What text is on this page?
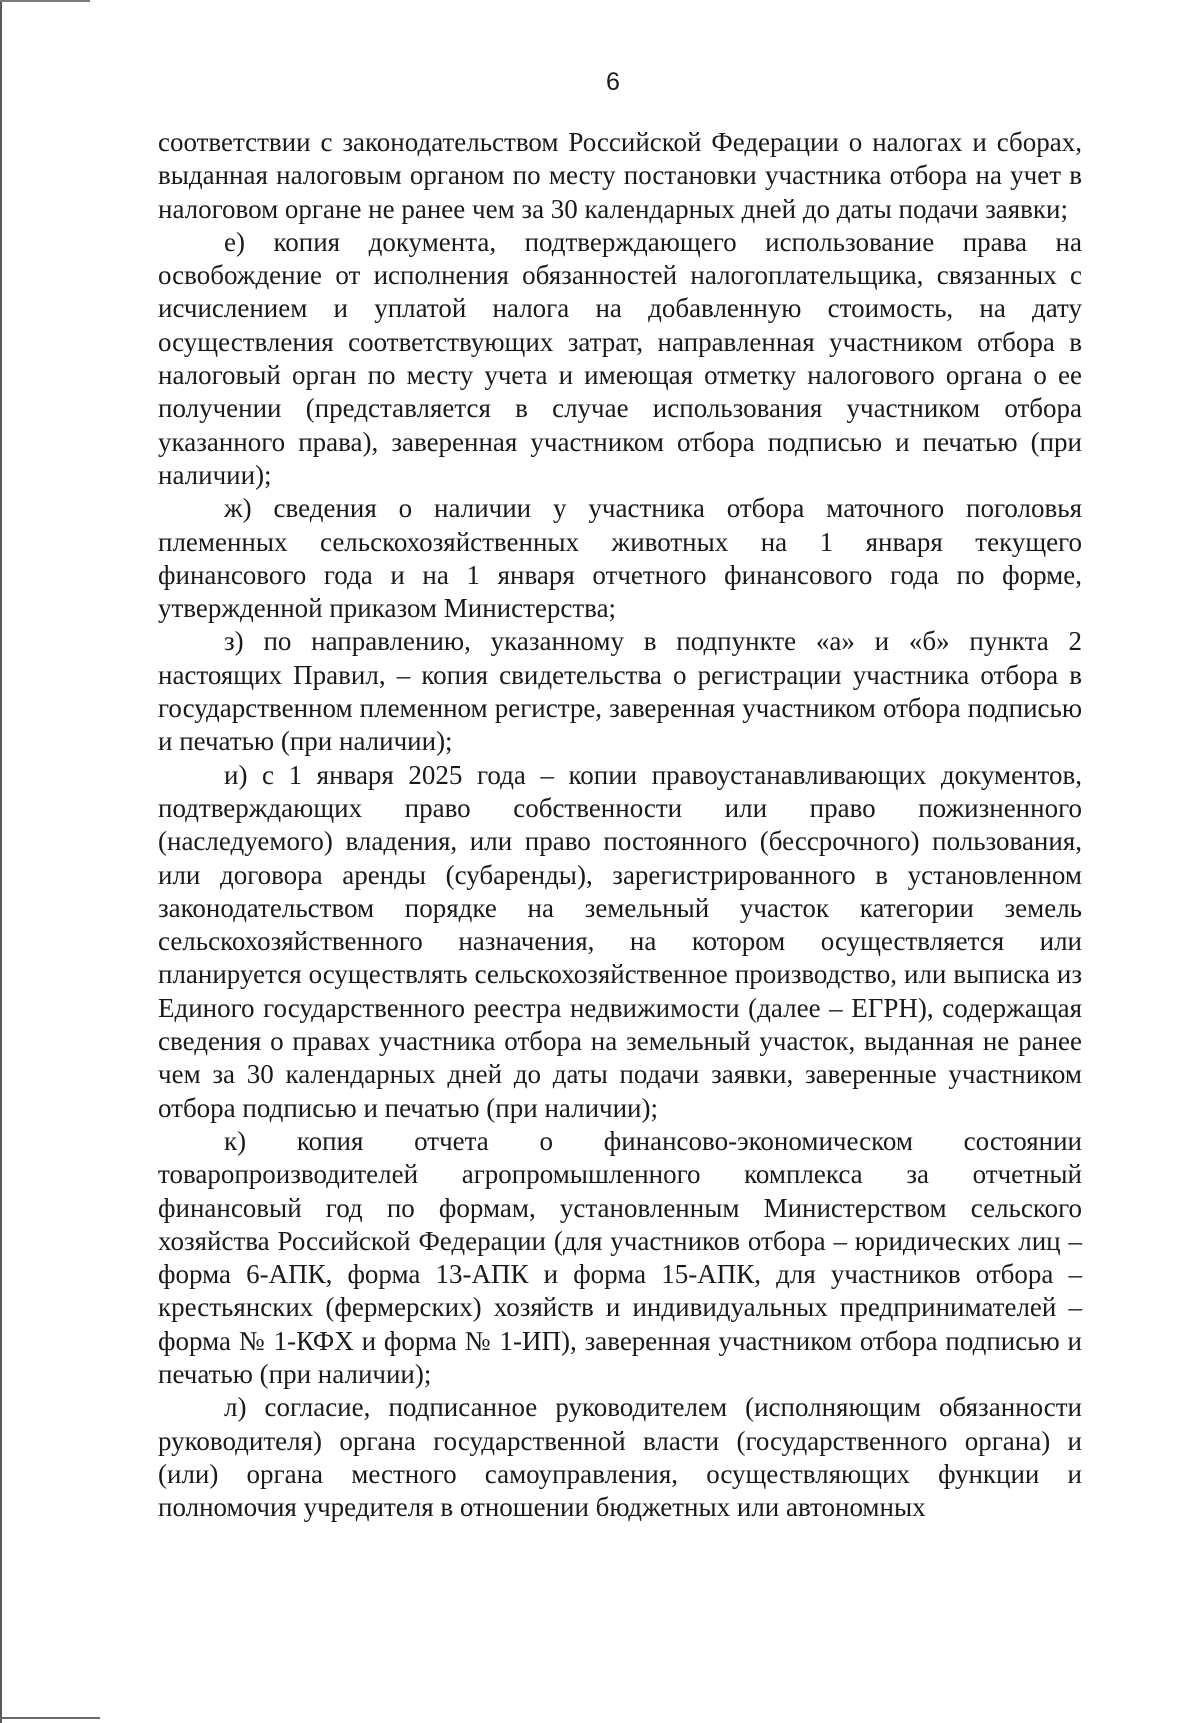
6

соответствии с законодательством Российской Федерации о налогах и сборах, выданная налоговым органом по месту постановки участника отбора на учет в налоговом органе не ранее чем за 30 календарных дней до даты подачи заявки;

е) копия документа, подтверждающего использование права на освобождение от исполнения обязанностей налогоплательщика, связанных с исчислением и уплатой налога на добавленную стоимость, на дату осуществления соответствующих затрат, направленная участником отбора в налоговый орган по месту учета и имеющая отметку налогового органа о ее получении (представляется в случае использования участником отбора указанного права), заверенная участником отбора подписью и печатью (при наличии);

ж) сведения о наличии у участника отбора маточного поголовья племенных сельскохозяйственных животных на 1 января текущего финансового года и на 1 января отчетного финансового года по форме, утвержденной приказом Министерства;

з) по направлению, указанному в подпункте «а» и «б» пункта 2 настоящих Правил, – копия свидетельства о регистрации участника отбора в государственном племенном регистре, заверенная участником отбора подписью и печатью (при наличии);

и) с 1 января 2025 года – копии правоустанавливающих документов, подтверждающих право собственности или право пожизненного (наследуемого) владения, или право постоянного (бессрочного) пользования, или договора аренды (субаренды), зарегистрированного в установленном законодательством порядке на земельный участок категории земель сельскохозяйственного назначения, на котором осуществляется или планируется осуществлять сельскохозяйственное производство, или выписка из Единого государственного реестра недвижимости (далее – ЕГРН), содержащая сведения о правах участника отбора на земельный участок, выданная не ранее чем за 30 календарных дней до даты подачи заявки, заверенные участником отбора подписью и печатью (при наличии);

к) копия отчета о финансово-экономическом состоянии товаропроизводителей агропромышленного комплекса за отчетный финансовый год по формам, установленным Министерством сельского хозяйства Российской Федерации (для участников отбора – юридических лиц – форма 6-АПК, форма 13-АПК и форма 15-АПК, для участников отбора – крестьянских (фермерских) хозяйств и индивидуальных предпринимателей – форма № 1-КФХ и форма № 1-ИП), заверенная участником отбора подписью и печатью (при наличии);

л) согласие, подписанное руководителем (исполняющим обязанности руководителя) органа государственной власти (государственного органа) и (или) органа местного самоуправления, осуществляющих функции и полномочия учредителя в отношении бюджетных или автономных
